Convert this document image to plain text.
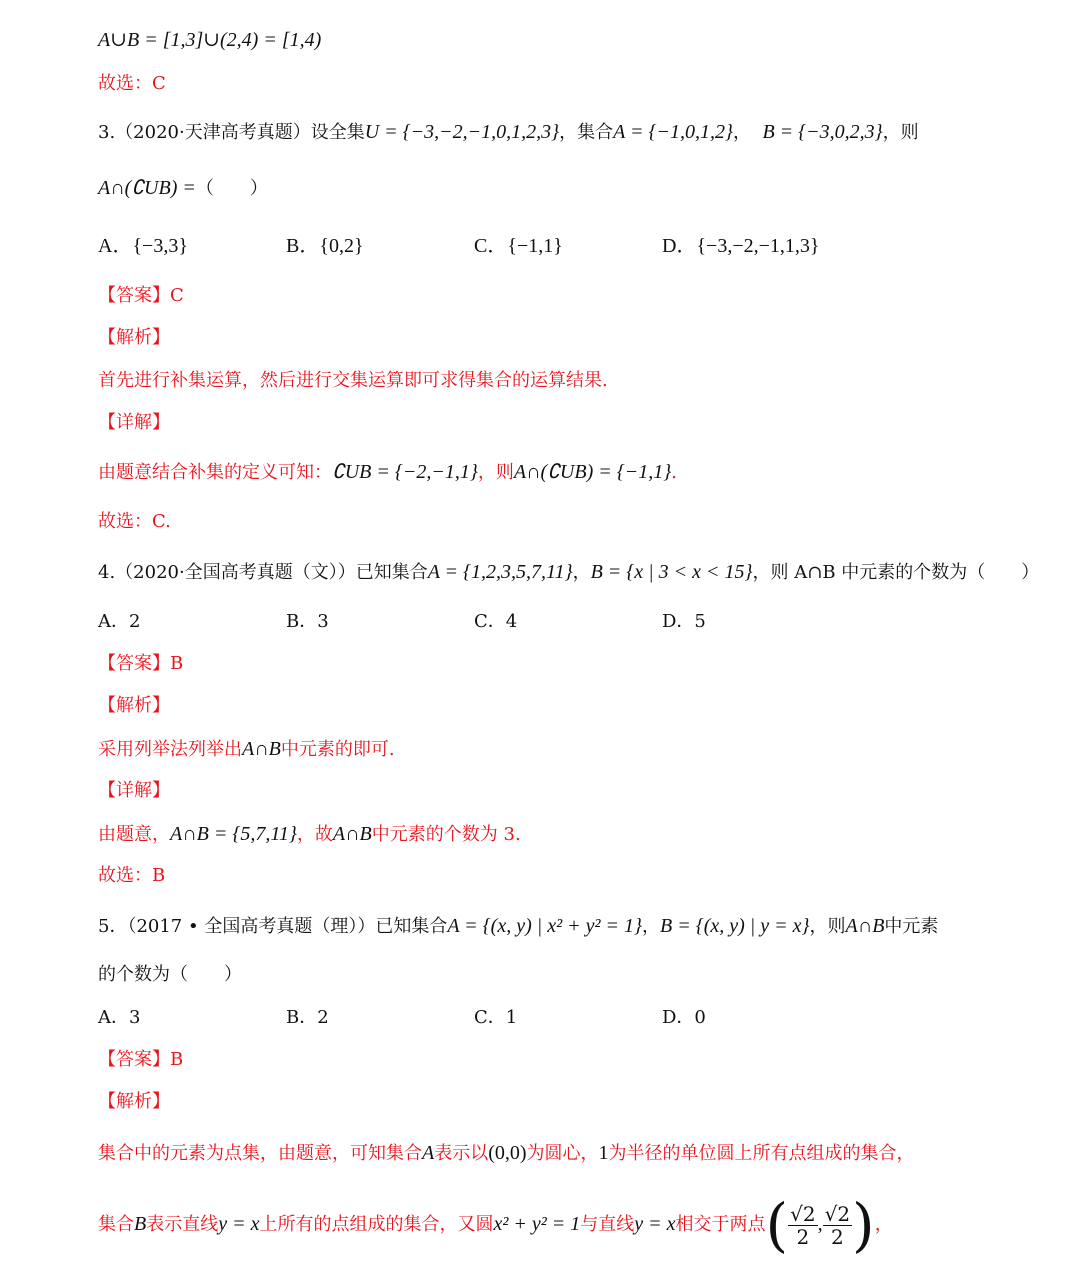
A∪B = [1,3]∪(2,4) = [1,4)
故选：C
3.（2020·天津高考真题）设全集U = {−3,−2,−1,0,1,2,3}，集合A = {−1,0,1,2}， B = {−3,0,2,3}，则
A∩(∁UB) =（　　）
A．{−3,3}	B．{0,2}	C．{−1,1}	D．{−3,−2,−1,1,3}
【答案】C
【解析】
首先进行补集运算，然后进行交集运算即可求得集合的运算结果.
【详解】
由题意结合补集的定义可知：∁UB = {−2,−1,1}，则A∩(∁UB) = {−1,1}.
故选：C.
4.（2020·全国高考真题（文））已知集合A = {1,2,3,5,7,11}，B = {x | 3 < x < 15}，则 A∩B 中元素的个数为（　　）
A．2	B．3	C．4	D．5
【答案】B
【解析】
采用列举法列举出A∩B中元素的即可.
【详解】
由题意，A∩B = {5,7,11}，故A∩B中元素的个数为 3.
故选：B
5．（2017 • 全国高考真题（理））已知集合A = {(x, y) | x² + y² = 1}，B = {(x, y) | y = x}，则A∩B中元素
的个数为（　　）
A．3	B．2	C．1	D．0
【答案】B
【解析】
集合中的元素为点集，由题意，可知集合A表示以(0,0)为圆心，1为半径的单位圆上所有点组成的集合，
集合B表示直线y = x上所有的点组成的集合，又圆x² + y² = 1与直线y = x相交于两点( $\frac{√2}{2}$ , $\frac{√2}{2}$ )，
